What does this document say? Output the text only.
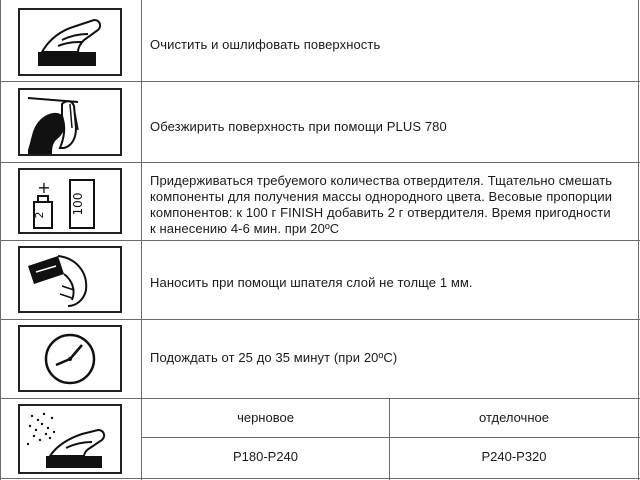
Очистить и ошлифовать поверхность
Обезжирить поверхность при помощи PLUS 780
+
2 100
Придерживаться требуемого количества отвердителя. Тщательно смешать компоненты для получения массы однородного цвета. Весовые пропорции компонентов: к 100 г FINISH добавить 2 г отвердителя. Время пригодности к нанесению 4-6 мин. при 20ºC
Наносить при помощи шпателя слой не толще 1 мм.
Подождать от 25 до 35 минут (при 20ºC)
черновое	отделочное
P180-P240	P240-P320
